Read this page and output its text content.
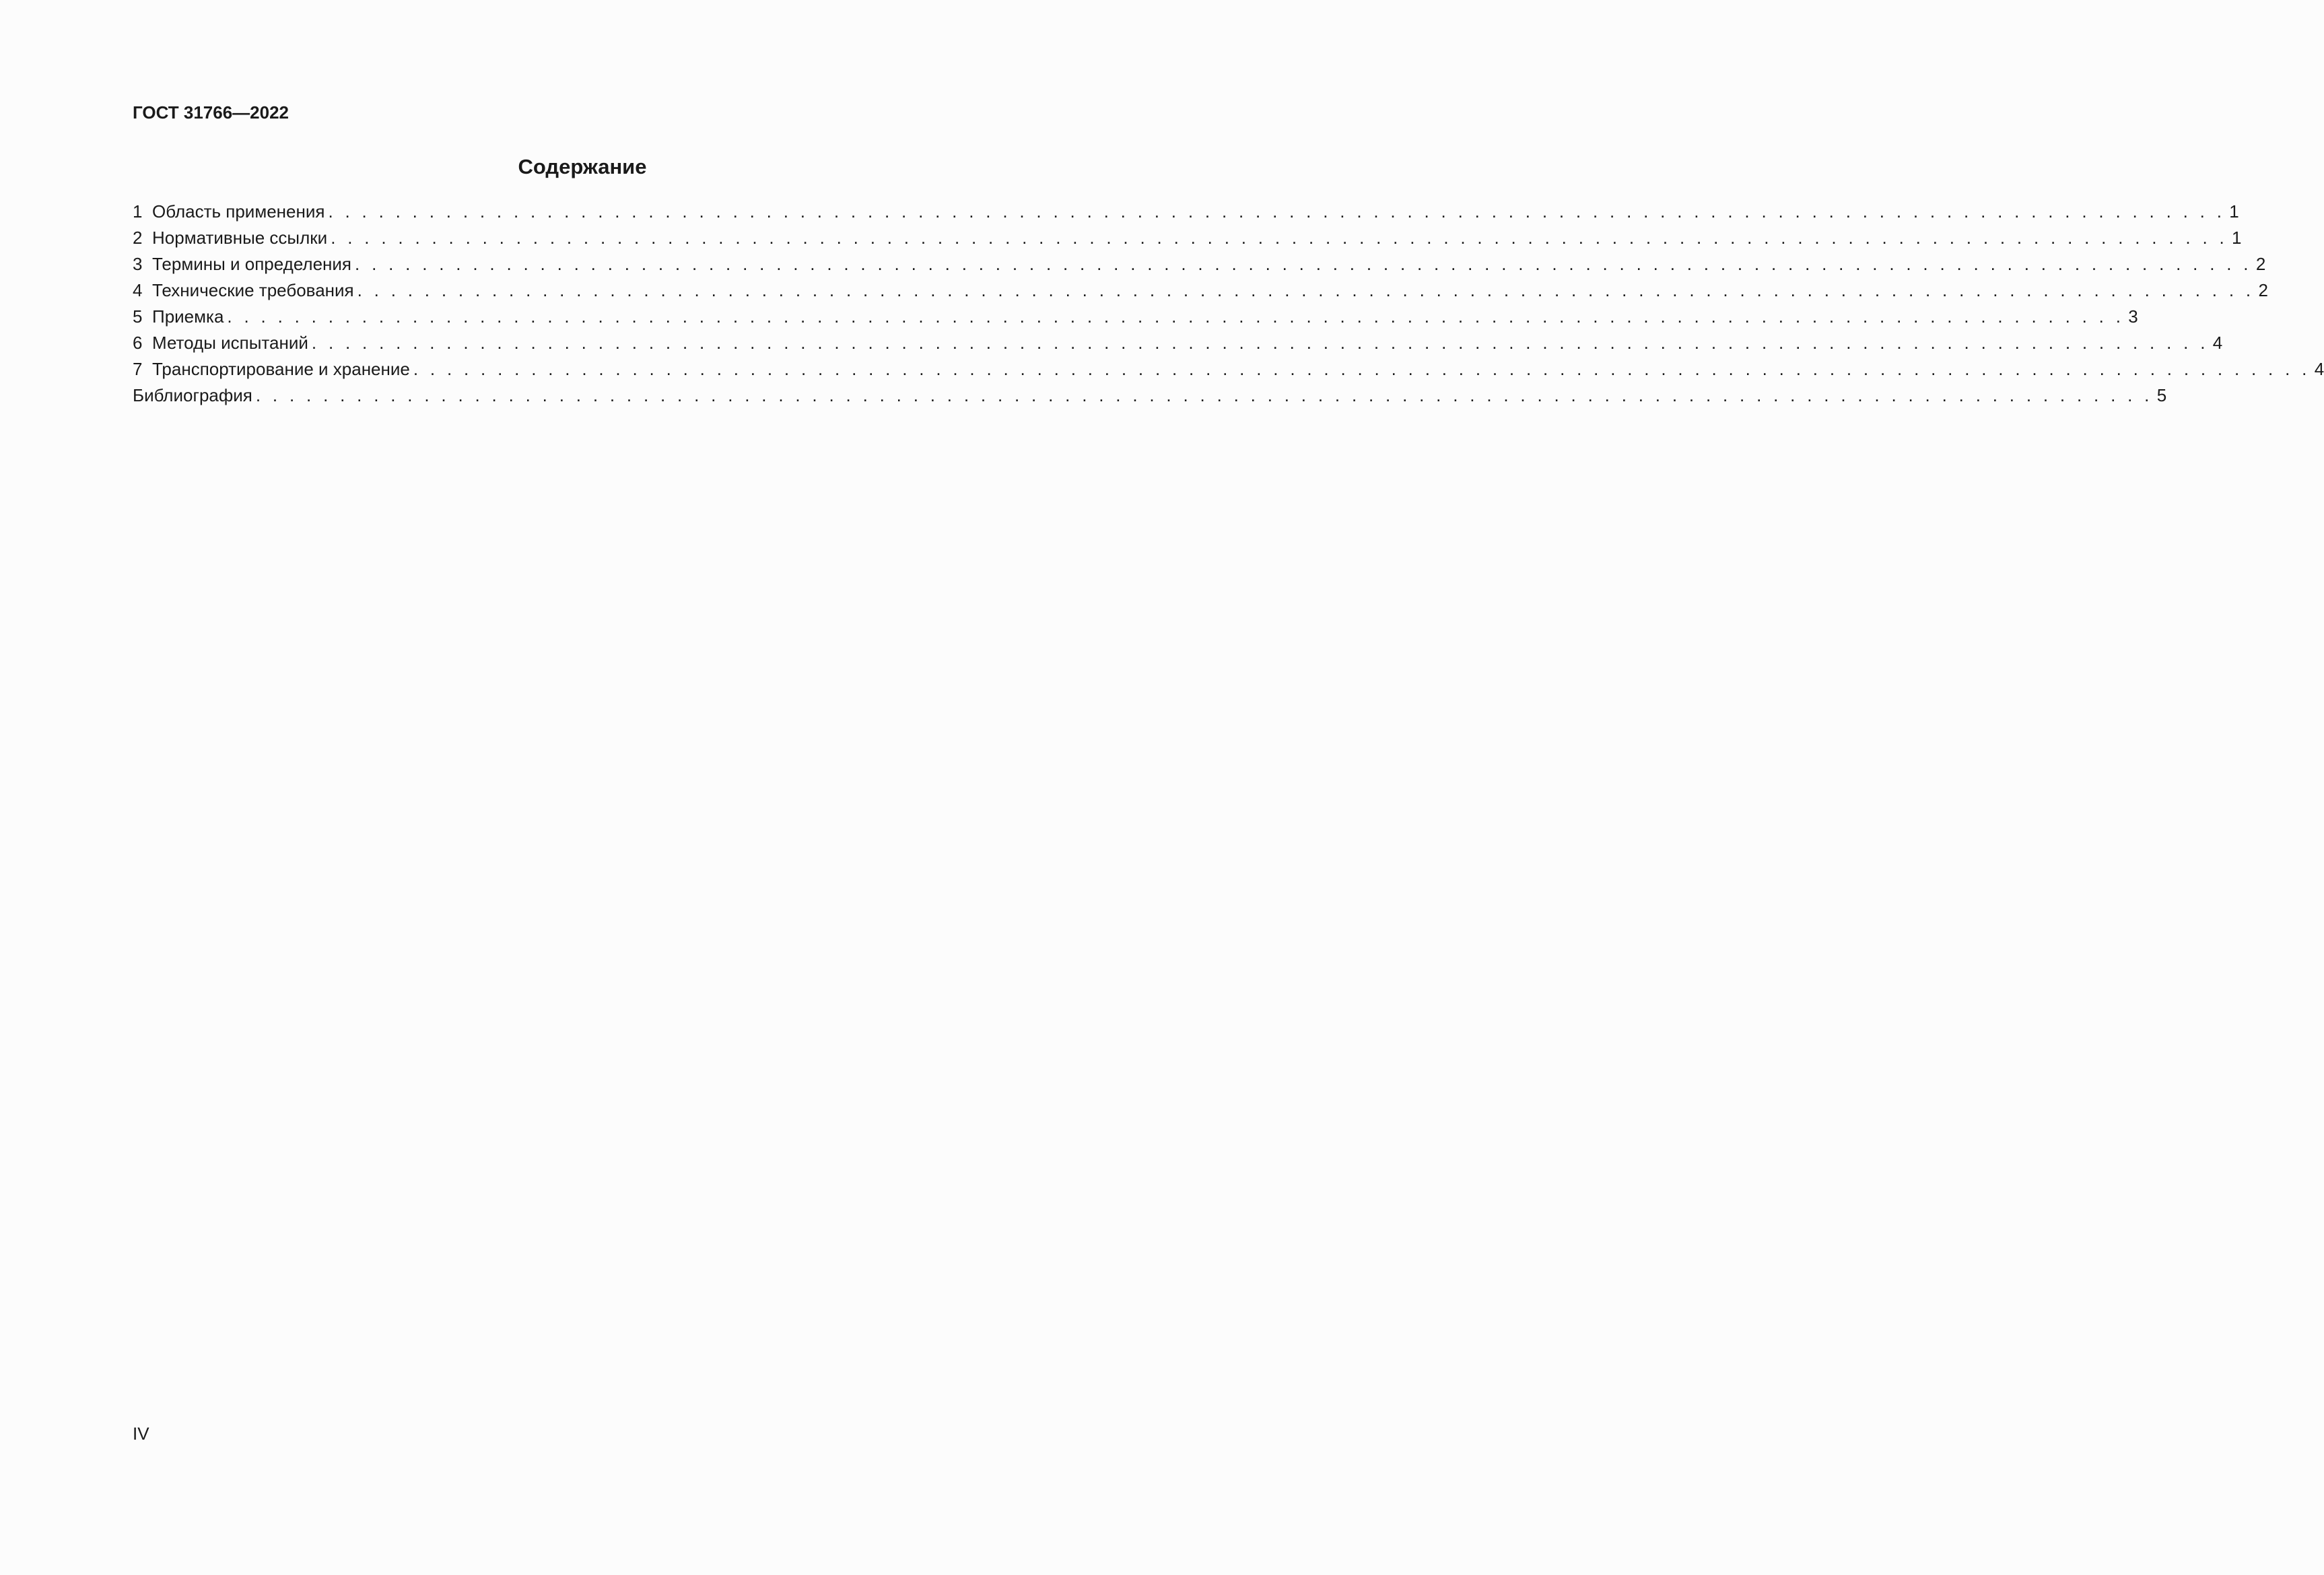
ГОСТ 31766—2022
Содержание
1 Область применения . . . . . . . . . . . . . . . . . . . . . . . . . . . . . . . . . . . . . . . . . . . . . . . . . . . . . . . . . . . . . . . . . . . . . . . . . . . . . . . . . . . . . . . . . . . . . . . . . . . . . . . . . . . . . . . . . 1
2 Нормативные ссылки . . . . . . . . . . . . . . . . . . . . . . . . . . . . . . . . . . . . . . . . . . . . . . . . . . . . . . . . . . . . . . . . . . . . . . . . . . . . . . . . . . . . . . . . . . . . . . . . . . . . . . . . . . . . . . . . . 1
3 Термины и определения . . . . . . . . . . . . . . . . . . . . . . . . . . . . . . . . . . . . . . . . . . . . . . . . . . . . . . . . . . . . . . . . . . . . . . . . . . . . . . . . . . . . . . . . . . . . . . . . . . . . . . . . . . . . . . . . . 2
4 Технические требования . . . . . . . . . . . . . . . . . . . . . . . . . . . . . . . . . . . . . . . . . . . . . . . . . . . . . . . . . . . . . . . . . . . . . . . . . . . . . . . . . . . . . . . . . . . . . . . . . . . . . . . . . . . . . . . . . 2
5 Приемка . . . . . . . . . . . . . . . . . . . . . . . . . . . . . . . . . . . . . . . . . . . . . . . . . . . . . . . . . . . . . . . . . . . . . . . . . . . . . . . . . . . . . . . . . . . . . . . . . . . . . . . . . . . . . . . . . 3
6 Методы испытаний . . . . . . . . . . . . . . . . . . . . . . . . . . . . . . . . . . . . . . . . . . . . . . . . . . . . . . . . . . . . . . . . . . . . . . . . . . . . . . . . . . . . . . . . . . . . . . . . . . . . . . . . . . . . . . . . . 4
7 Транспортирование и хранение . . . . . . . . . . . . . . . . . . . . . . . . . . . . . . . . . . . . . . . . . . . . . . . . . . . . . . . . . . . . . . . . . . . . . . . . . . . . . . . . . . . . . . . . . . . . . . . . . . . . . . . . . . . . . . . . . 4
Библиография . . . . . . . . . . . . . . . . . . . . . . . . . . . . . . . . . . . . . . . . . . . . . . . . . . . . . . . . . . . . . . . . . . . . . . . . . . . . . . . . . . . . . . . . . . . . . . . . . . . . . . . . . . . . . . . . . 5
IV
